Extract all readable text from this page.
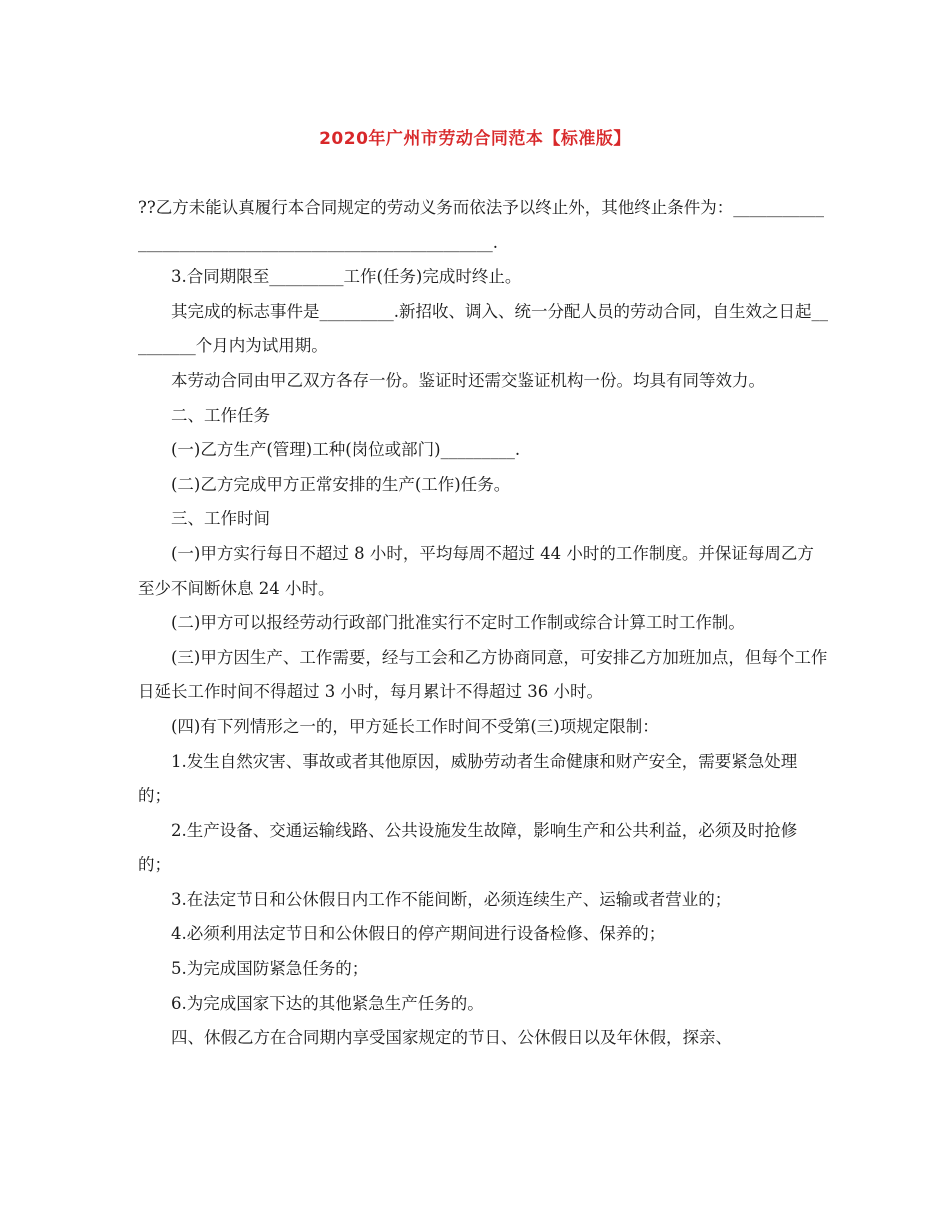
2020年广州市劳动合同范本【标准版】

??乙方未能认真履行本合同规定的劳动义务而依法予以终止外，其他终止条件为：______________________________________________________.

3.合同期限至_________工作(任务)完成时终止。

其完成的标志事件是_________.新招收、调入、统一分配人员的劳动合同，自生效之日起_________个月内为试用期。

本劳动合同由甲乙双方各存一份。鉴证时还需交鉴证机构一份。均具有同等效力。

二、工作任务

(一)乙方生产(管理)工种(岗位或部门)_________.

(二)乙方完成甲方正常安排的生产(工作)任务。

三、工作时间

(一)甲方实行每日不超过 8 小时，平均每周不超过 44 小时的工作制度。并保证每周乙方至少不间断休息 24 小时。

(二)甲方可以报经劳动行政部门批准实行不定时工作制或综合计算工时工作制。

(三)甲方因生产、工作需要，经与工会和乙方协商同意，可安排乙方加班加点，但每个工作日延长工作时间不得超过 3 小时，每月累计不得超过 36 小时。

(四)有下列情形之一的，甲方延长工作时间不受第(三)项规定限制：

1.发生自然灾害、事故或者其他原因，威胁劳动者生命健康和财产安全，需要紧急处理的；

2.生产设备、交通运输线路、公共设施发生故障，影响生产和公共利益，必须及时抢修的；

3.在法定节日和公休假日内工作不能间断，必须连续生产、运输或者营业的；

4.必须利用法定节日和公休假日的停产期间进行设备检修、保养的；

5.为完成国防紧急任务的；

6.为完成国家下达的其他紧急生产任务的。

四、休假乙方在合同期内享受国家规定的节日、公休假日以及年休假，探亲、
